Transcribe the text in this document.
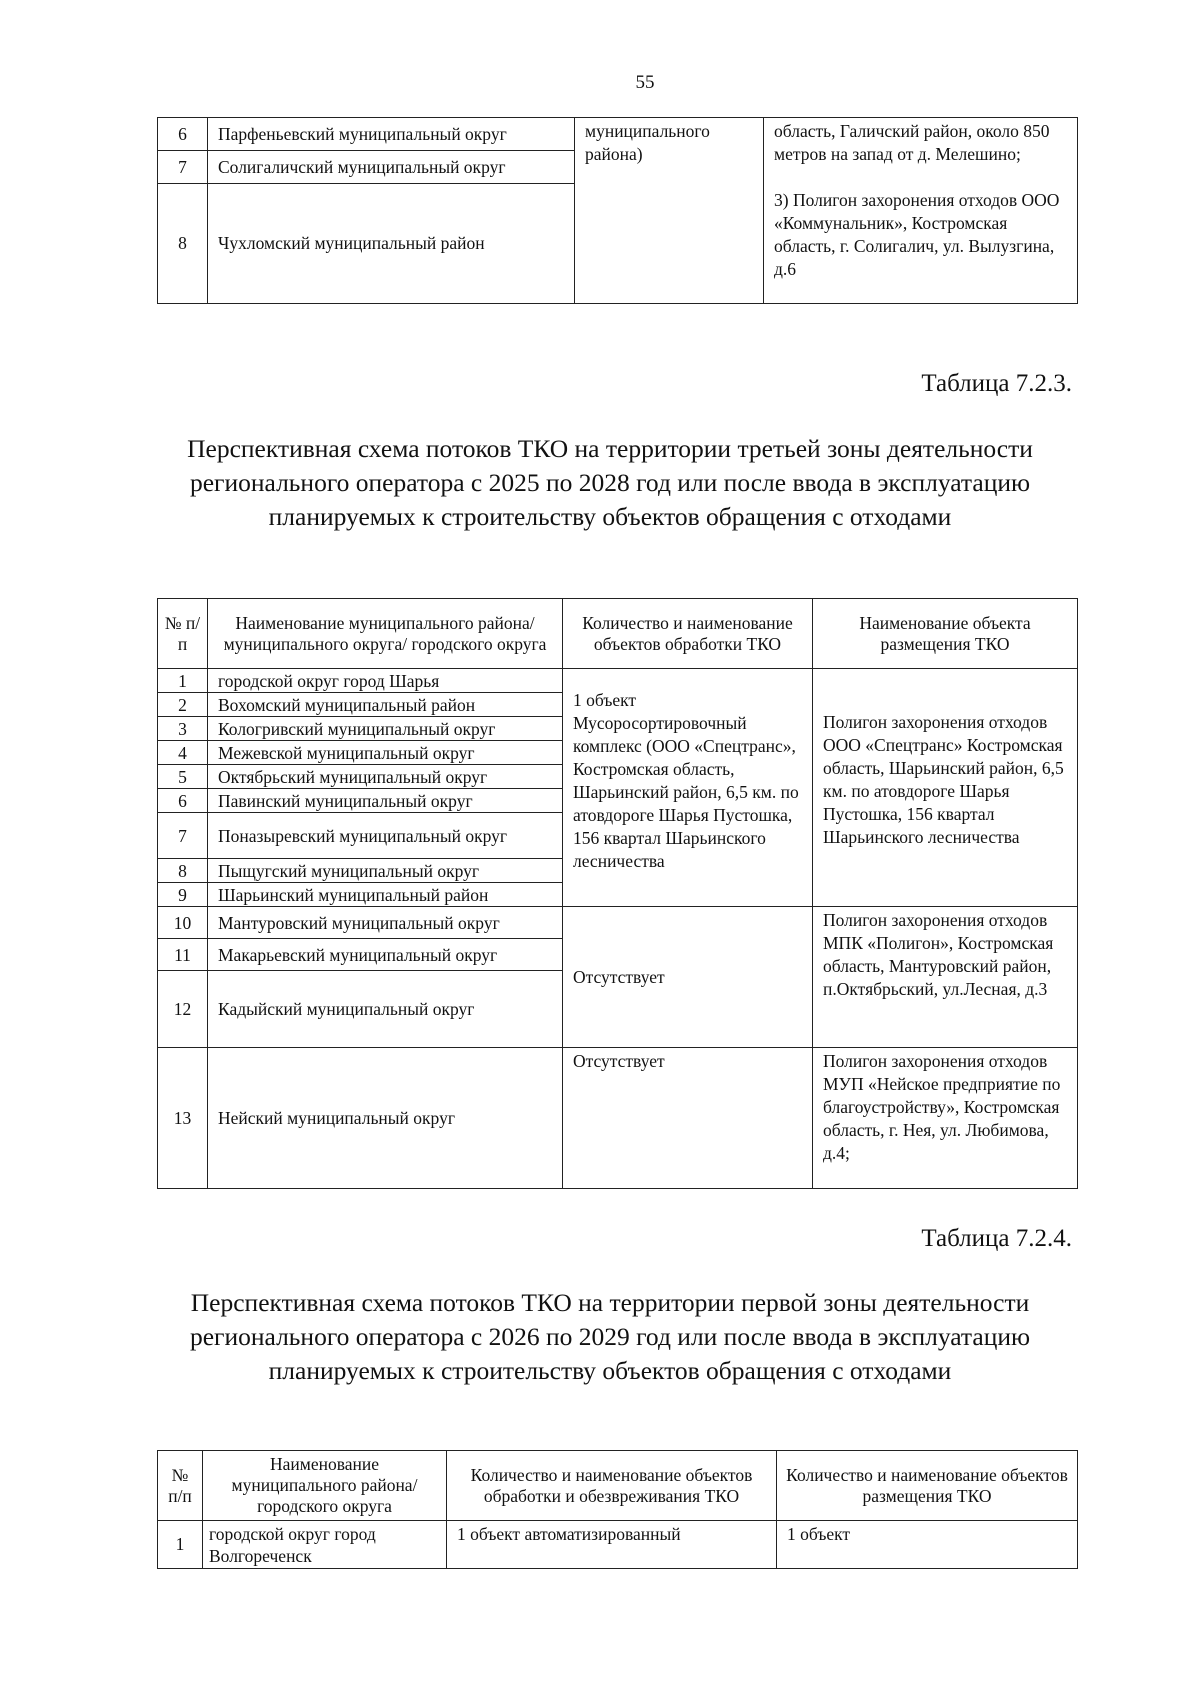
55
6	Парфеньевский муниципальный округ	муниципального района)	область, Галичский район, около 850 метров на запад от д. Мелешино;

3) Полигон захоронения отходов ООО «Коммунальник», Костромская область, г. Солигалич, ул. Вылузгина, д.6
7	Солигаличский муниципальный округ		
8	Чухломский муниципальный район		
Таблица 7.2.3.
Перспективная схема потоков ТКО на территории третьей зоны деятельности регионального оператора с 2025 по 2028 год или после ввода в эксплуатацию планируемых к строительству объектов обращения с отходами
№ п/п	Наименование муниципального района/муниципального округа/ городского округа	Количество и наименование объектов обработки ТКО	Наименование объекта размещения ТКО
1	городской округ город Шарья	1 объект Мусоросортировочный комплекс (ООО «Спецтранс», Костромская область, Шарьинский район, 6,5 км. по атовдороге Шарья Пустошка, 156 квартал Шарьинского лесничества	Полигон захоронения отходов ООО «Спецтранс» Костромская область, Шарьинский район, 6,5 км. по атовдороге Шарья Пустошка, 156 квартал Шарьинского лесничества
2	Вохомский муниципальный район		
3	Кологривский муниципальный округ		
4	Межевской муниципальный округ		
5	Октябрьский муниципальный округ		
6	Павинский муниципальный округ		
7	Поназыревский муниципальный округ		
8	Пыщугский муниципальный округ		
9	Шарьинский муниципальный район		
10	Мантуровский муниципальный округ	Отсутствует	Полигон захоронения отходов МПК «Полигон», Костромская область, Мантуровский район, п.Октябрьский, ул.Лесная, д.3
11	Макарьевский муниципальный округ		
12	Кадыйский муниципальный округ		
13	Нейский муниципальный округ	Отсутствует	Полигон захоронения отходов МУП «Нейское предприятие по благоустройству», Костромская область, г. Нея, ул. Любимова, д.4;
Таблица 7.2.4.
Перспективная схема потоков ТКО на территории первой зоны деятельности регионального оператора с 2026 по 2029 год или после ввода в эксплуатацию планируемых к строительству объектов обращения с отходами
№ п/п	Наименование муниципального района/ городского округа	Количество и наименование объектов обработки и обезвреживания ТКО	Количество и наименование объектов размещения ТКО
1	городской округ город Волгореченск	1 объект автоматизированный	1 объект
